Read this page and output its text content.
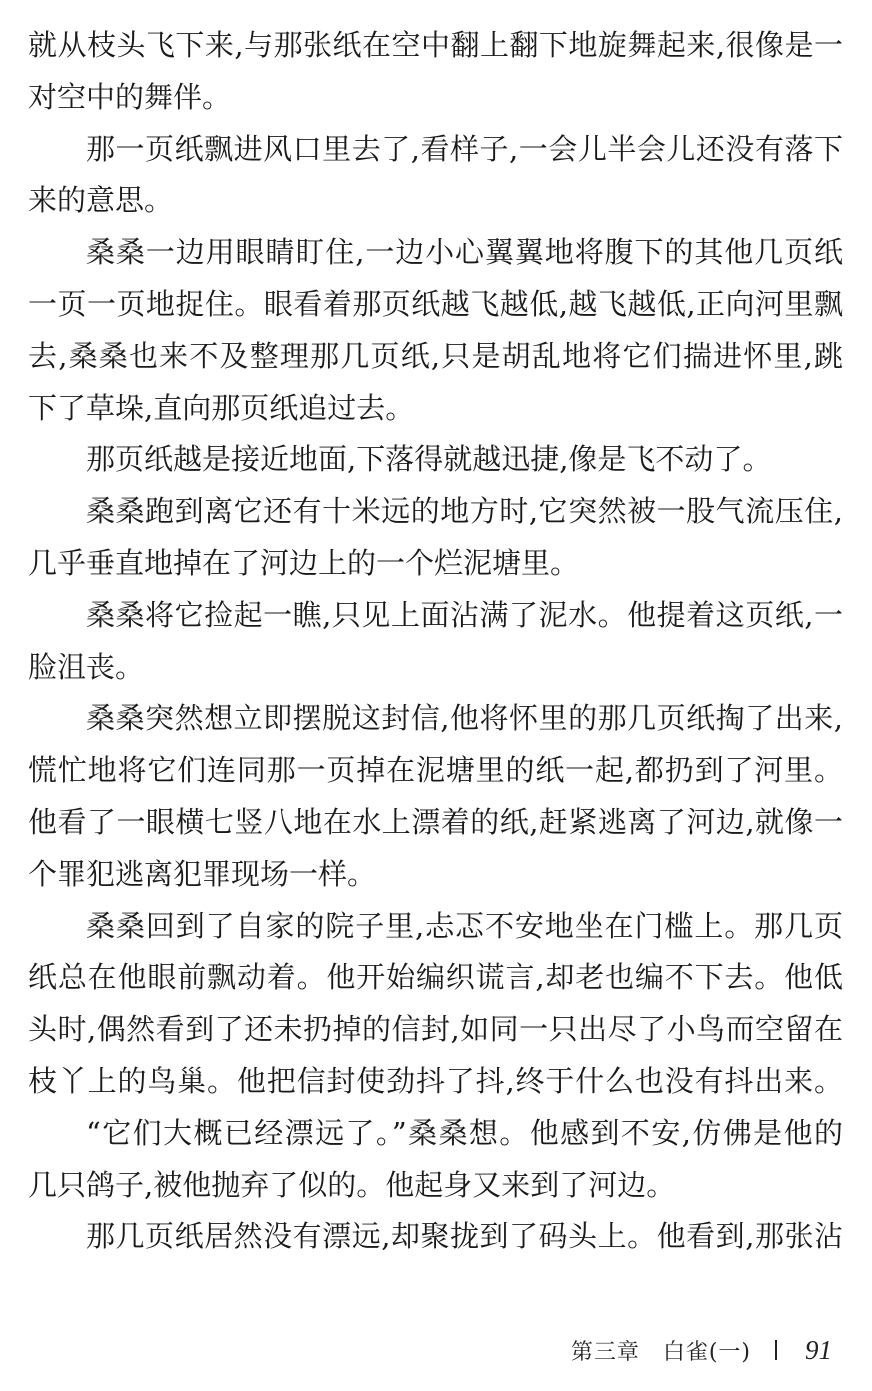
就从枝头飞下来,与那张纸在空中翻上翻下地旋舞起来,很像是一
对空中的舞伴。
那一页纸飘进风口里去了,看样子,一会儿半会儿还没有落下
来的意思。
桑桑一边用眼睛盯住,一边小心翼翼地将腹下的其他几页纸
一页一页地捉住。眼看着那页纸越飞越低,越飞越低,正向河里飘
去,桑桑也来不及整理那几页纸,只是胡乱地将它们揣进怀里,跳
下了草垛,直向那页纸追过去。
那页纸越是接近地面,下落得就越迅捷,像是飞不动了。
桑桑跑到离它还有十米远的地方时,它突然被一股气流压住,
几乎垂直地掉在了河边上的一个烂泥塘里。
桑桑将它捡起一瞧,只见上面沾满了泥水。他提着这页纸,一
脸沮丧。
桑桑突然想立即摆脱这封信,他将怀里的那几页纸掏了出来,
慌忙地将它们连同那一页掉在泥塘里的纸一起,都扔到了河里。
他看了一眼横七竖八地在水上漂着的纸,赶紧逃离了河边,就像一
个罪犯逃离犯罪现场一样。
桑桑回到了自家的院子里,忐忑不安地坐在门槛上。那几页
纸总在他眼前飘动着。他开始编织谎言,却老也编不下去。他低
头时,偶然看到了还未扔掉的信封,如同一只出尽了小鸟而空留在
枝丫上的鸟巢。他把信封使劲抖了抖,终于什么也没有抖出来。
“它们大概已经漂远了。”桑桑想。他感到不安,仿佛是他的
几只鸽子,被他抛弃了似的。他起身又来到了河边。
那几页纸居然没有漂远,却聚拢到了码头上。他看到,那张沾
第三章　白雀(一) 91
